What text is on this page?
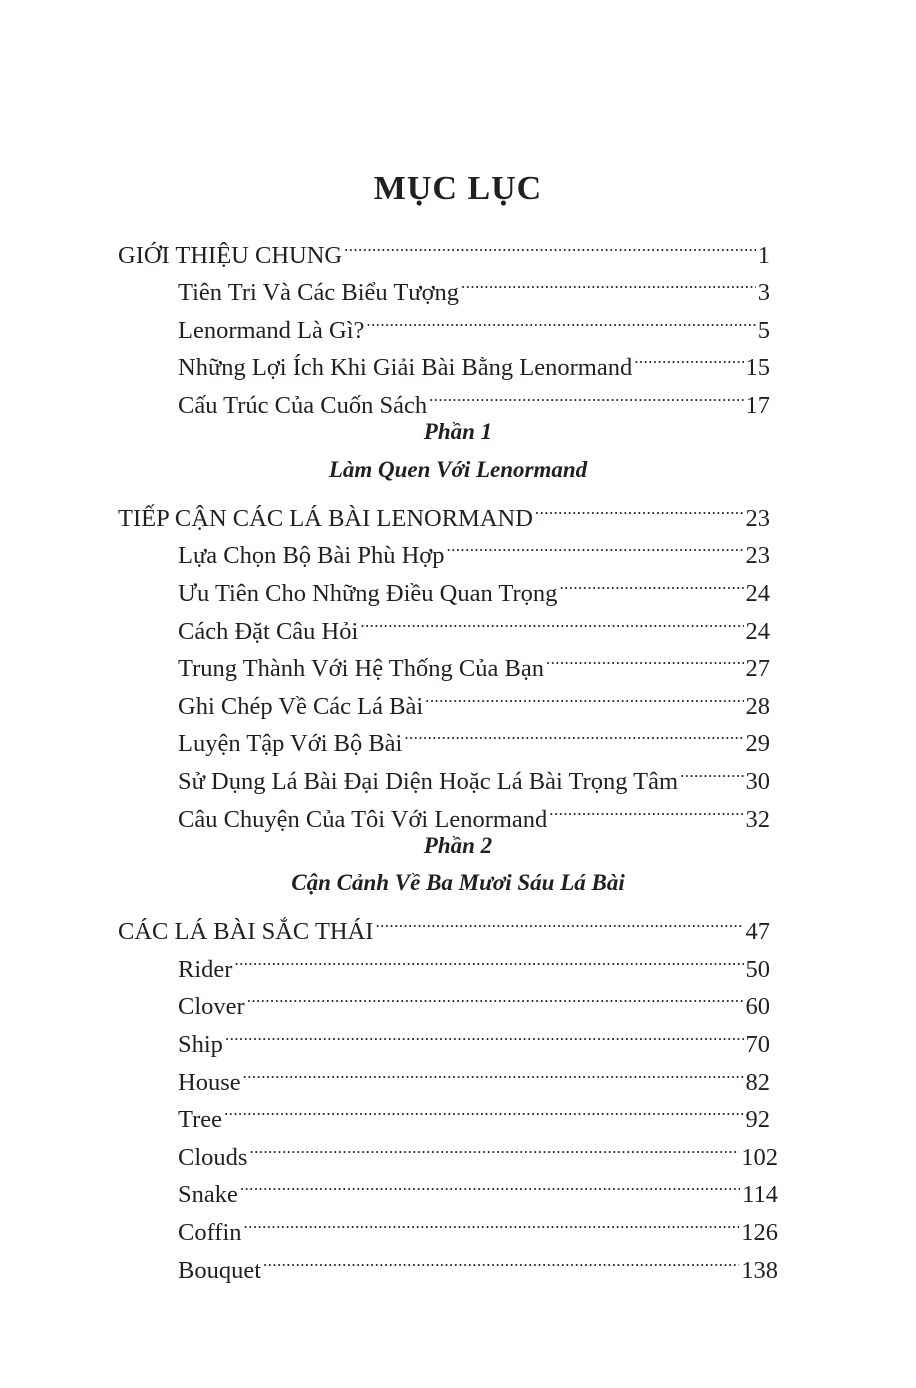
MỤC LỤC
GIỚI THIỆU CHUNG .....	1
Tiên Tri Và Các Biểu Tượng .....	3
Lenormand Là Gì? .....	5
Những Lợi Ích Khi Giải Bài Bằng Lenormand .....	15
Cấu Trúc Của Cuốn Sách .....	17
Phần 1
Làm Quen Với Lenormand
TIẾP CẬN CÁC LÁ BÀI LENORMAND .....	23
Lựa Chọn Bộ Bài Phù Hợp .....	23
Ưu Tiên Cho Những Điều Quan Trọng .....	24
Cách Đặt Câu Hỏi .....	24
Trung Thành Với Hệ Thống Của Bạn .....	27
Ghi Chép Về Các Lá Bài .....	28
Luyện Tập Với Bộ Bài .....	29
Sử Dụng Lá Bài Đại Diện Hoặc Lá Bài Trọng Tâm .....	30
Câu Chuyện Của Tôi Với Lenormand .....	32
Phần 2
Cận Cảnh Về Ba Mươi Sáu Lá Bài
CÁC LÁ BÀI SẮC THÁI .....	47
Rider .....	50
Clover .....	60
Ship .....	70
House .....	82
Tree .....	92
Clouds .....	102
Snake .....	114
Coffin .....	126
Bouquet .....	138
